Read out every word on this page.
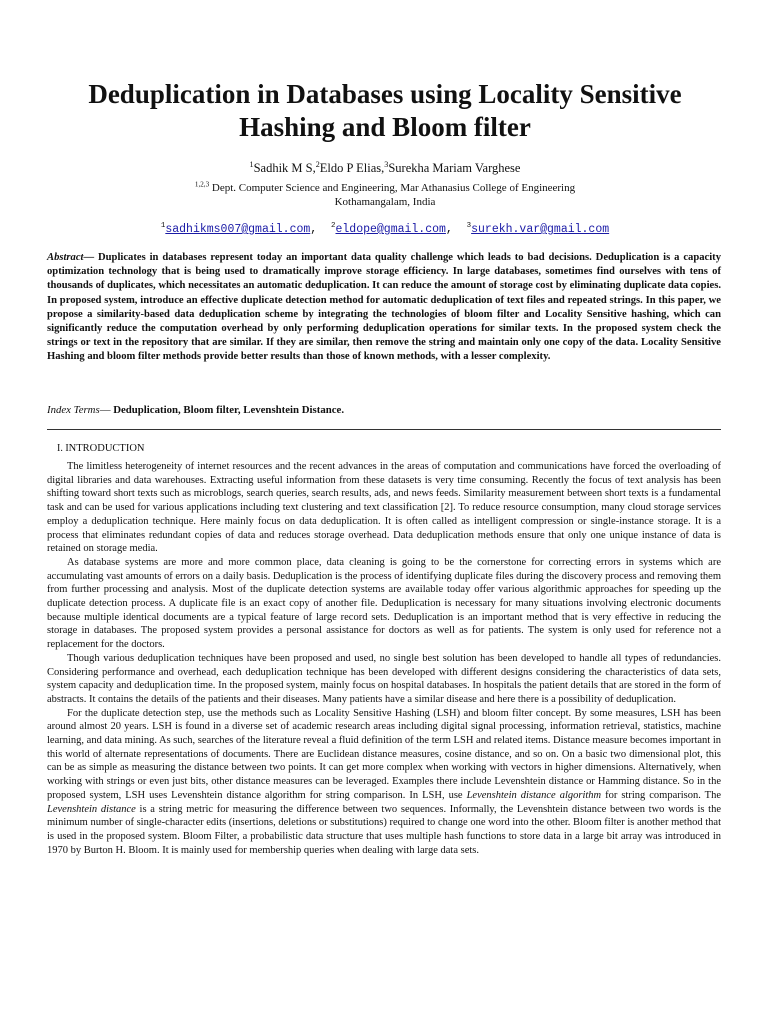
Deduplication in Databases using Locality Sensitive Hashing and Bloom filter
$^1$Sadhik M S,$^2$Eldo P Elias,$^3$Surekha Mariam Varghese
$^{1,2,3}$ Dept. Computer Science and Engineering, Mar Athanasius College of Engineering
Kothamangalam, India
$^1$sadhikms007@gmail.com,  $^2$eldope@gmail.com,  $^3$surekh.var@gmail.com

Abstract— Duplicates in databases represent today an important data quality challenge which leads to bad decisions. Deduplication is a capacity optimization technology that is being used to dramatically improve storage efficiency. In large databases, sometimes find ourselves with tens of thousands of duplicates, which necessitates an automatic deduplication. It can reduce the amount of storage cost by eliminating duplicate data copies. In proposed system, introduce an effective duplicate detection method for automatic deduplication of text files and repeated strings. In this paper, we propose a similarity-based data deduplication scheme by integrating the technologies of bloom filter and Locality Sensitive hashing, which can significantly reduce the computation overhead by only performing deduplication operations for similar texts. In the proposed system check the strings or text in the repository that are similar. If they are similar, then remove the string and maintain only one copy of the data. Locality Sensitive Hashing and bloom filter methods provide better results than those of known methods, with a lesser complexity.

Index Terms— Deduplication, Bloom filter, Levenshtein Distance.

I. INTRODUCTION

The limitless heterogeneity of internet resources and the recent advances in the areas of computation and communications have forced the overloading of digital libraries and data warehouses. Extracting useful information from these datasets is very time consuming. Recently the focus of text analysis has been shifting toward short texts such as microblogs, search queries, search results, ads, and news feeds. Similarity measurement between short texts is a fundamental task and can be used for various applications including text clustering and text classification [2]. To reduce resource consumption, many cloud storage services employ a deduplication technique. Here mainly focus on data deduplication. It is often called as intelligent compression or single-instance storage. It is a process that eliminates redundant copies of data and reduces storage overhead. Data deduplication methods ensure that only one unique instance of data is retained on storage media.

As database systems are more and more common place, data cleaning is going to be the cornerstone for correcting errors in systems which are accumulating vast amounts of errors on a daily basis. Deduplication is the process of identifying duplicate files during the discovery process and removing them from further processing and analysis. Most of the duplicate detection systems are available today offer various algorithmic approaches for speeding up the duplicate detection process. A duplicate file is an exact copy of another file. Deduplication is necessary for many situations involving electronic documents because multiple identical documents are a typical feature of large record sets. Deduplication is an important method that is very effective in reducing the storage in databases. The proposed system provides a personal assistance for doctors as well as for patients. The system is only used for reference not a replacement for the doctors.

Though various deduplication techniques have been proposed and used, no single best solution has been developed to handle all types of redundancies. Considering performance and overhead, each deduplication technique has been developed with different designs considering the characteristics of data sets, system capacity and deduplication time. In the proposed system, mainly focus on hospital databases. In hospitals the patient details that are stored in the form of abstracts. It contains the details of the patients and their diseases. Many patients have a similar disease and here there is a possibility of deduplication.

For the duplicate detection step, use the methods such as Locality Sensitive Hashing (LSH) and bloom filter concept. By some measures, LSH has been around almost 20 years. LSH is found in a diverse set of academic research areas including digital signal processing, information retrieval, statistics, machine learning, and data mining. As such, searches of the literature reveal a fluid definition of the term LSH and related items. Distance measure becomes important in this world of alternate representations of documents. There are Euclidean distance measures, cosine distance, and so on. On a basic two dimensional plot, this can be as simple as measuring the distance between two points. It can get more complex when working with vectors in higher dimensions. Alternatively, when working with strings or even just bits, other distance measures can be leveraged. Examples there include Levenshtein distance or Hamming distance. So in the proposed system, LSH uses Levenshtein distance algorithm for string comparison. In LSH, use Levenshtein distance algorithm for string comparison. The Levenshtein distance is a string metric for measuring the difference between two sequences. Informally, the Levenshtein distance between two words is the minimum number of single-character edits (insertions, deletions or substitutions) required to change one word into the other. Bloom filter is another method that is used in the proposed system. Bloom Filter, a probabilistic data structure that uses multiple hash functions to store data in a large bit array was introduced in 1970 by Burton H. Bloom. It is mainly used for membership queries when dealing with large data sets.
